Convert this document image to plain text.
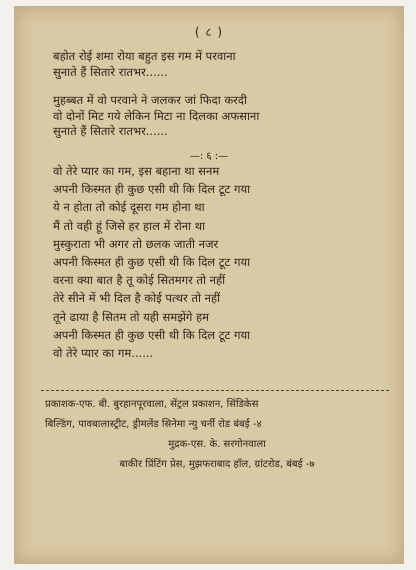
( ८ )
बहोत रोई शमा रोया बहुत इस गम में परवाना
सुनाते हैं सितारे रातभर......
मुहब्बत में वो परवाने ने जलकर जां फिदा करदी
वो दोनों मिट गये लेकिन मिटा ना दिलका अफसाना
सुनाते हैं सितारे रातभर......
—: ६ :—
वो तेरे प्यार का गम, इस बहाना था सनम
अपनी किस्मत ही कुछ एसी थी कि दिल टूट गया
ये न होता तो कोई दूसरा गम होना था
मैं तो वही हूं जिसे हर हाल में रोना था
मुस्कुराता भी अगर तो छलक जाती नजर
अपनी किस्मत ही कुछ एसी थी कि दिल टूट गया
वरना क्या बात है तू कोई सितमगर तो नहीं
तेरे सीने में भी दिल है कोई पत्थर तो नहीं
तूने ढाया है सितम तो यही समझेंगे हम
अपनी किस्मत ही कुछ एसी थी कि दिल टूट गया
वो तेरे प्यार का गम......
प्रकाशक-एफ. बी. बुरहानपूरवाला, सेंट्रल प्रकाशन, सिंडिकेस
बिल्डिंग, पावबालास्ट्रीट, ड्रीमलेंड सिनेमा न्यु चर्नी रोड बंबई -४
मुद्रक-एस. के. सरगोनवाला
बाकीर प्रिंटिंग प्रेस, मुझफराबाद हॉल, ग्रांटरोड, बंबई -७
